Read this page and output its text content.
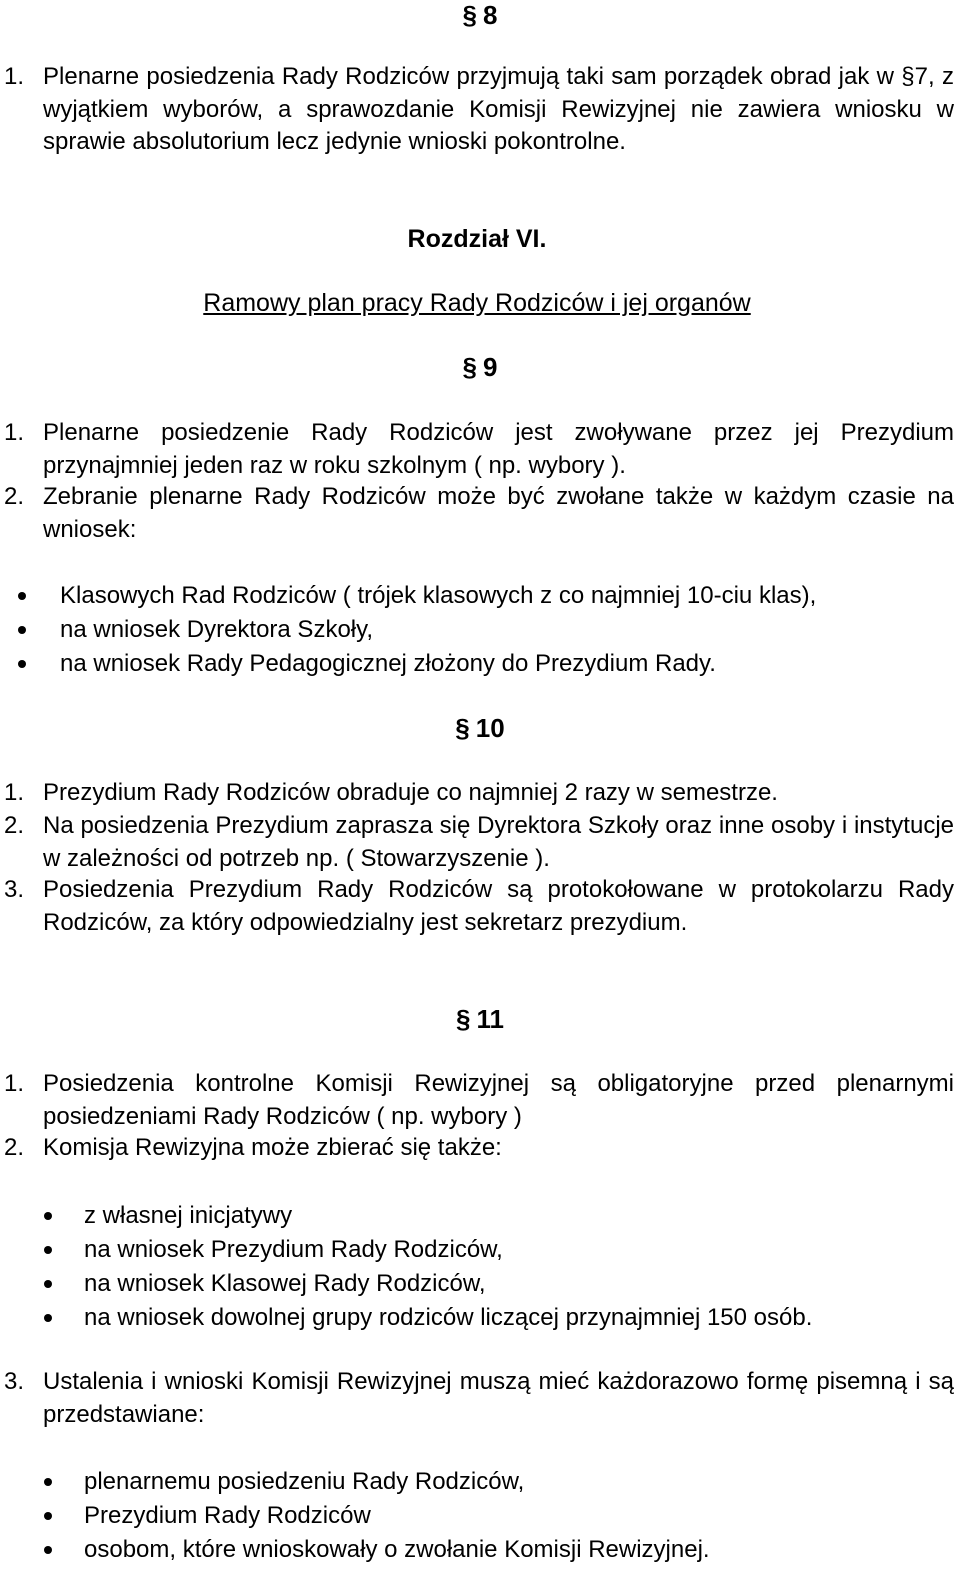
§ 8
1. Plenarne posiedzenia Rady Rodziców przyjmują taki sam porządek obrad jak w §7, z wyjątkiem wyborów, a sprawozdanie Komisji Rewizyjnej nie zawiera wniosku w sprawie absolutorium lecz jedynie wnioski pokontrolne.
Rozdział VI.
Ramowy plan pracy Rady Rodziców i jej organów
§ 9
1. Plenarne posiedzenie Rady Rodziców jest zwoływane przez jej Prezydium przynajmniej jeden raz w roku szkolnym ( np. wybory ).
2. Zebranie plenarne Rady Rodziców może być zwołane także w każdym czasie na wniosek:
Klasowych Rad Rodziców ( trójek klasowych z co najmniej 10-ciu klas),
na wniosek Dyrektora Szkoły,
na wniosek Rady Pedagogicznej złożony do Prezydium Rady.
§ 10
1. Prezydium Rady Rodziców obraduje co najmniej 2 razy w semestrze.
2. Na posiedzenia Prezydium zaprasza się Dyrektora Szkoły oraz inne osoby i instytucje w zależności od potrzeb np. ( Stowarzyszenie ).
3. Posiedzenia Prezydium Rady Rodziców są protokołowane w protokolarzu Rady Rodziców, za który odpowiedzialny jest sekretarz prezydium.
§ 11
1. Posiedzenia kontrolne Komisji Rewizyjnej są obligatoryjne przed plenarnymi posiedzeniami Rady Rodziców ( np. wybory )
2. Komisja Rewizyjna może zbierać się także:
z własnej inicjatywy
na wniosek Prezydium Rady Rodziców,
na wniosek Klasowej Rady Rodziców,
na wniosek dowolnej grupy rodziców liczącej przynajmniej 150 osób.
3. Ustalenia i wnioski Komisji Rewizyjnej muszą mieć każdorazowo formę pisemną i są przedstawiane:
plenarnemu posiedzeniu Rady Rodziców,
Prezydium Rady Rodziców
osobom, które wnioskowały o zwołanie Komisji Rewizyjnej.
